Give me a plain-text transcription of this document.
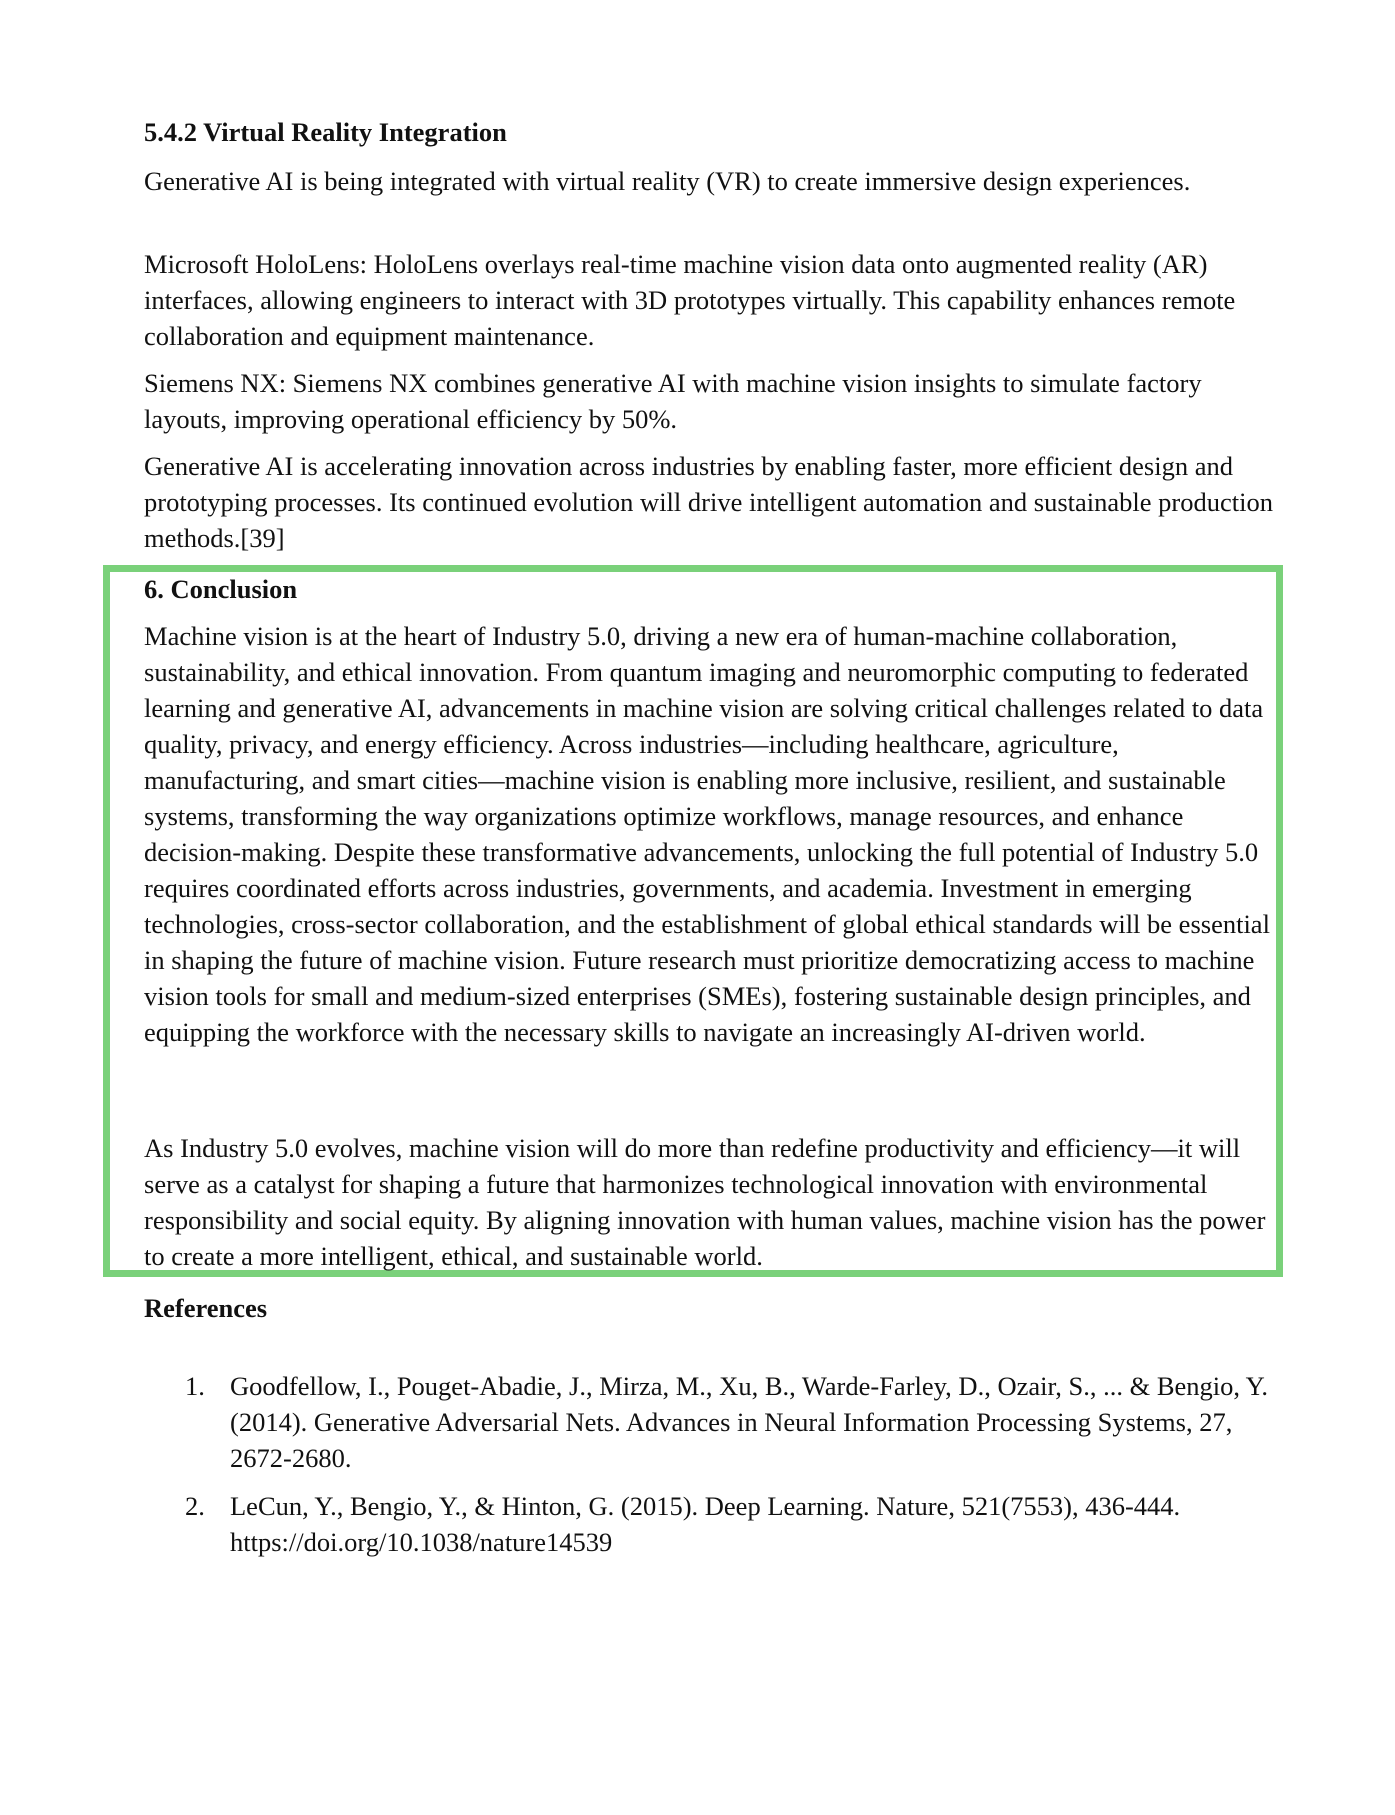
5.4.2 Virtual Reality Integration

Generative AI is being integrated with virtual reality (VR) to create immersive design experiences.

Microsoft HoloLens: HoloLens overlays real-time machine vision data onto augmented reality (AR) interfaces, allowing engineers to interact with 3D prototypes virtually. This capability enhances remote collaboration and equipment maintenance.

Siemens NX: Siemens NX combines generative AI with machine vision insights to simulate factory layouts, improving operational efficiency by 50%.

Generative AI is accelerating innovation across industries by enabling faster, more efficient design and prototyping processes. Its continued evolution will drive intelligent automation and sustainable production methods.[39]

6. Conclusion

Machine vision is at the heart of Industry 5.0, driving a new era of human-machine collaboration, sustainability, and ethical innovation. From quantum imaging and neuromorphic computing to federated learning and generative AI, advancements in machine vision are solving critical challenges related to data quality, privacy, and energy efficiency. Across industries—including healthcare, agriculture, manufacturing, and smart cities—machine vision is enabling more inclusive, resilient, and sustainable systems, transforming the way organizations optimize workflows, manage resources, and enhance decision-making. Despite these transformative advancements, unlocking the full potential of Industry 5.0 requires coordinated efforts across industries, governments, and academia. Investment in emerging technologies, cross-sector collaboration, and the establishment of global ethical standards will be essential in shaping the future of machine vision. Future research must prioritize democratizing access to machine vision tools for small and medium-sized enterprises (SMEs), fostering sustainable design principles, and equipping the workforce with the necessary skills to navigate an increasingly AI-driven world.

As Industry 5.0 evolves, machine vision will do more than redefine productivity and efficiency—it will serve as a catalyst for shaping a future that harmonizes technological innovation with environmental responsibility and social equity. By aligning innovation with human values, machine vision has the power to create a more intelligent, ethical, and sustainable world.

References
1. Goodfellow, I., Pouget-Abadie, J., Mirza, M., Xu, B., Warde-Farley, D., Ozair, S., ... & Bengio, Y. (2014). Generative Adversarial Nets. Advances in Neural Information Processing Systems, 27, 2672-2680.
2. LeCun, Y., Bengio, Y., & Hinton, G. (2015). Deep Learning. Nature, 521(7553), 436-444. https://doi.org/10.1038/nature14539
